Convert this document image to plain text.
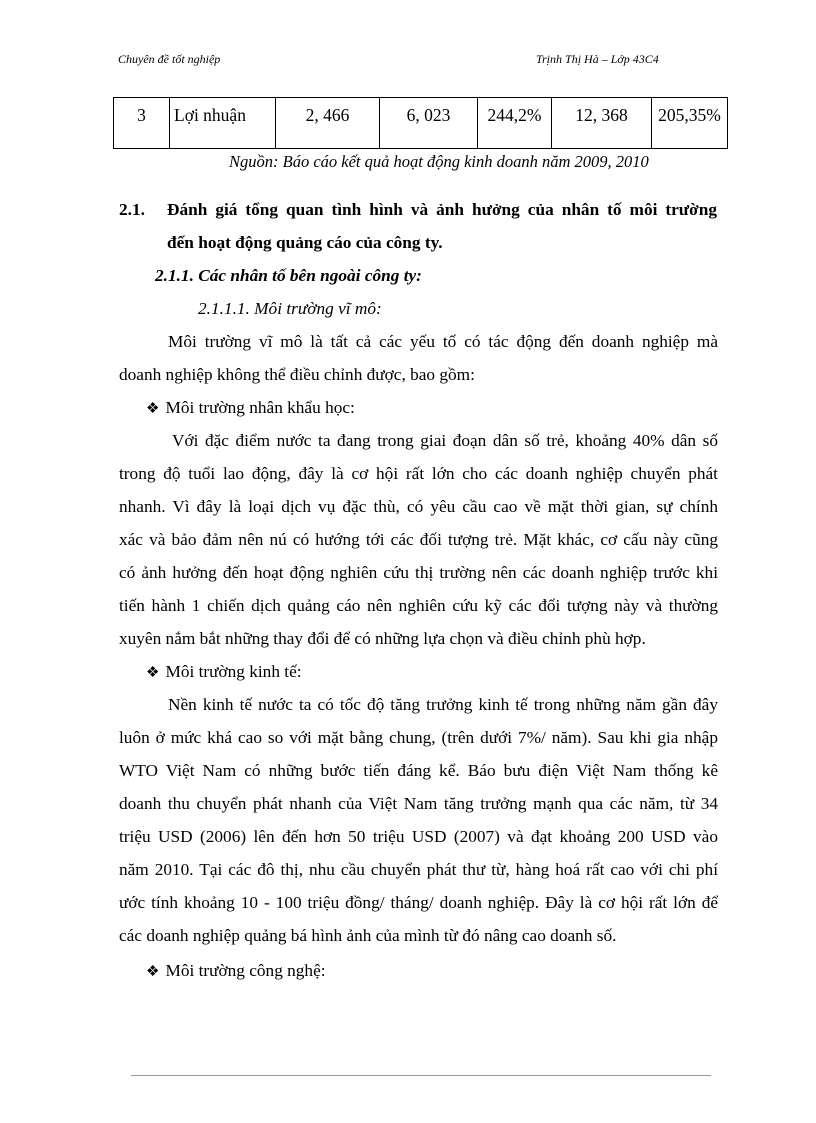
Chuyên đề tốt nghiệp	Trịnh Thị Hà – Lớp 43C4
3	Lợi nhuận	2, 466	6, 023	244,2%	12, 368	205,35%
Nguồn: Báo cáo kết quả hoạt động kinh doanh năm 2009, 2010
2.1. Đánh giá tổng quan tình hình và ảnh hưởng của nhân tố môi trường
đến hoạt động quảng cáo của công ty.
2.1.1. Các nhân tố bên ngoài công ty:
2.1.1.1. Môi trường vĩ mô:
Môi trường vĩ mô là tất cả các yếu tố có tác động đến doanh nghiệp mà
doanh nghiệp không thể điều chỉnh được, bao gồm:
❖ Môi trường nhân khẩu học:
Với đặc điểm nước ta đang trong giai đoạn dân số trẻ, khoảng 40% dân số
trong độ tuổi lao động, đây là cơ hội rất lớn cho các doanh nghiệp chuyển phát
nhanh. Vì đây là loại dịch vụ đặc thù, có yêu cầu cao về mặt thời gian, sự chính
xác và bảo đảm nên nú có hướng tới các đối tượng trẻ. Mặt khác, cơ cấu này cũng
có ảnh hưởng đến hoạt động nghiên cứu thị trường nên các doanh nghiệp trước khi
tiến hành 1 chiến dịch quảng cáo nên nghiên cứu kỹ các đối tượng này và thường
xuyên nắm bắt những thay đổi để có những lựa chọn và điều chỉnh phù hợp.
❖ Môi trường kinh tế:
Nền kinh tế nước ta có tốc độ tăng trưởng kinh tế trong những năm gần đây
luôn ở mức khá cao so với mặt bằng chung, (trên dưới 7%/ năm). Sau khi gia nhập
WTO Việt Nam có những bước tiến đáng kể. Báo bưu điện Việt Nam thống kê
doanh thu chuyển phát nhanh của Việt Nam tăng trưởng mạnh qua các năm, từ 34
triệu USD (2006) lên đến hơn 50 triệu USD (2007) và đạt khoảng 200 USD vào
năm 2010. Tại các đô thị, nhu cầu chuyển phát thư từ, hàng hoá rất cao với chi phí
ước tính khoảng 10 - 100 triệu đồng/ tháng/ doanh nghiệp. Đây là cơ hội rất lớn để
các doanh nghiệp quảng bá hình ảnh của mình từ đó nâng cao doanh số.
❖ Môi trường công nghệ:
